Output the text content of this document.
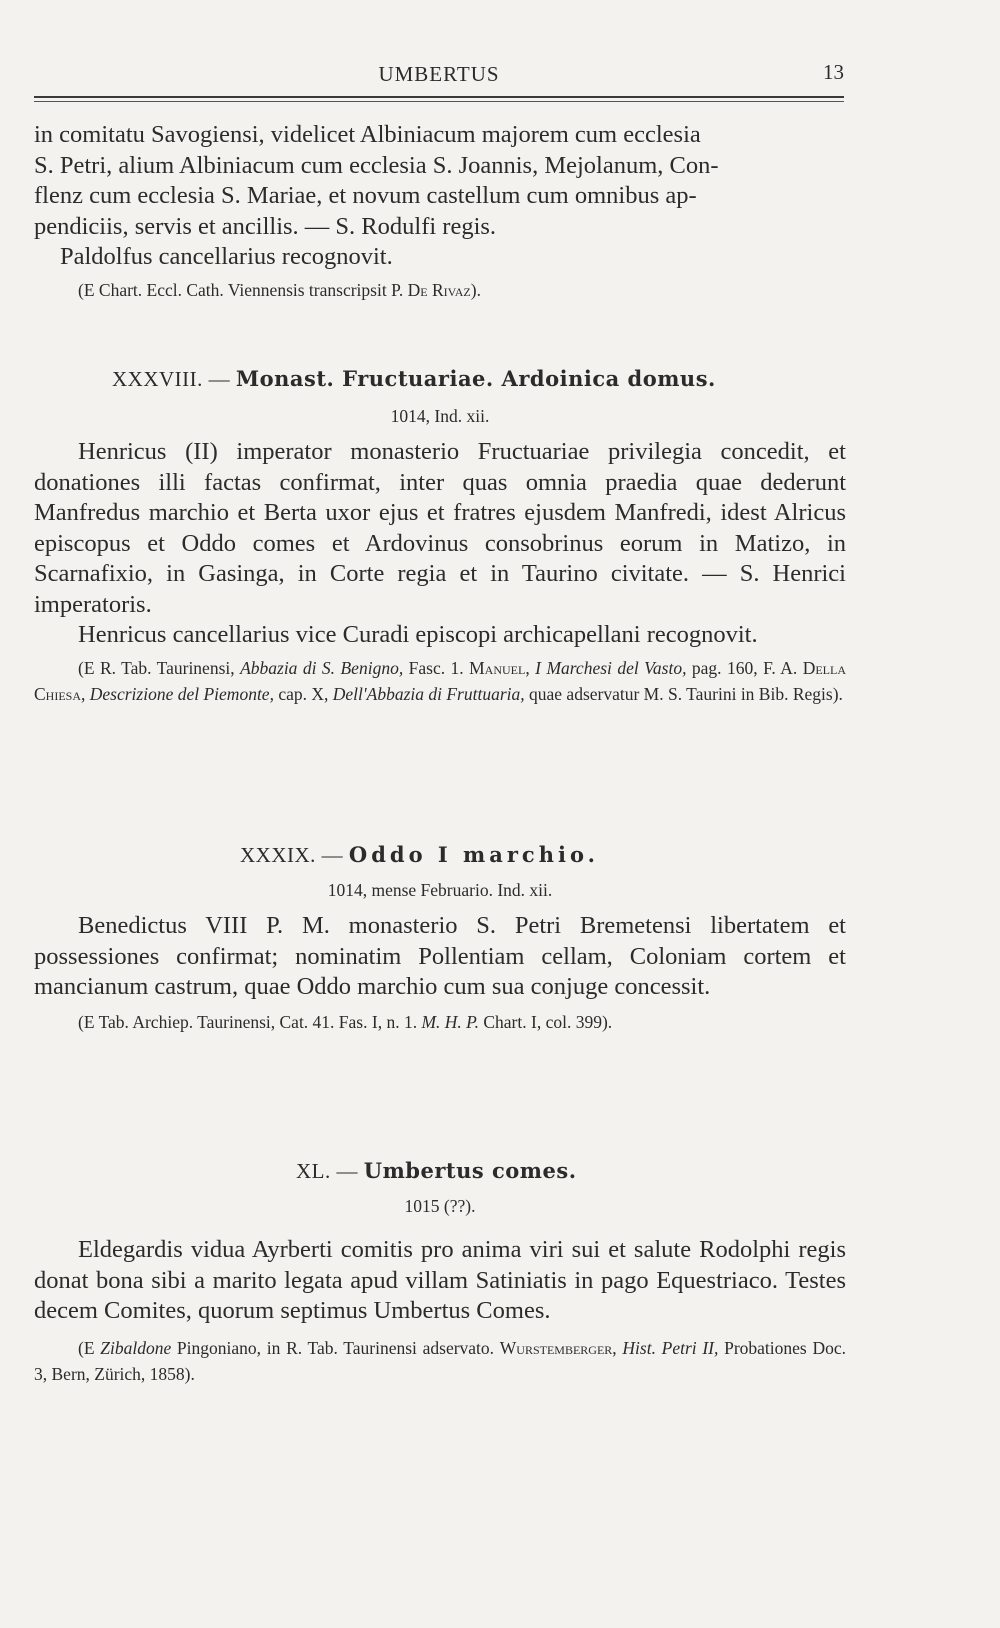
UMBERTUS	13

in comitatu Savogiensi, videlicet Albiniacum majorem cum ecclesia

S. Petri, alium Albiniacum cum ecclesia S. Joannis, Mejolanum, Con-

flenz cum ecclesia S. Mariae, et novum castellum cum omnibus ap-

pendiciis, servis et ancillis. — S. Rodulfi regis.

Paldolfus cancellarius recognovit.

(E Chart. Eccl. Cath. Viennensis transcripsit P. De Rivaz).

XXXVIII. — Monast. Fructuariae. Ardoinica domus.

1014, Ind. xii.

Henricus (II) imperator monasterio Fructuariae privilegia concedit, et donationes illi factas confirmat, inter quas omnia praedia quae dederunt Manfredus marchio et Berta uxor ejus et fratres ejusdem Manfredi, idest Alricus episcopus et Oddo comes et Ardovinus consobrinus eorum in Matizo, in Scarnafixio, in Gasinga, in Corte regia et in Taurino civitate. — S. Henrici imperatoris.

Henricus cancellarius vice Curadi episcopi archicapellani recognovit.

(E R. Tab. Taurinensi, Abbazia di S. Benigno, Fasc. 1. Manuel, I Marchesi del Vasto, pag. 160, F. A. Della Chiesa, Descrizione del Piemonte, cap. X, Dell'Abbazia di Fruttuaria, quae adservatur M. S. Taurini in Bib. Regis).

XXXIX. — Oddo I marchio.

1014, mense Februario. Ind. xii.

Benedictus VIII P. M. monasterio S. Petri Bremetensi libertatem et possessiones confirmat; nominatim Pollentiam cellam, Coloniam cortem et mancianum castrum, quae Oddo marchio cum sua conjuge concessit.

(E Tab. Archiep. Taurinensi, Cat. 41. Fas. I, n. 1. M. H. P. Chart. I, col. 399).

XL. — Umbertus comes.

1015 (??).

Eldegardis vidua Ayrberti comitis pro anima viri sui et salute Rodolphi regis donat bona sibi a marito legata apud villam Satiniatis in pago Equestriaco. Testes decem Comites, quorum septimus Umbertus Comes.

(E Zibaldone Pingoniano, in R. Tab. Taurinensi adservato. Wurstemberger, Hist. Petri II, Probationes Doc. 3, Bern, Zürich, 1858).
